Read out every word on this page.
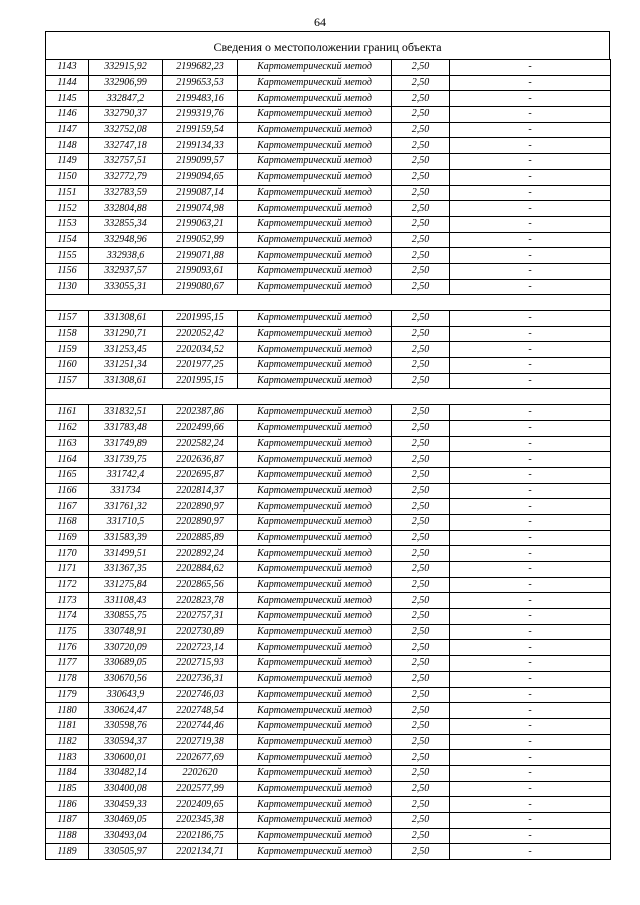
64
Сведения о местоположении границ объекта
1143	332915,92	2199682,23	Картометрический метод	2,50	-
1144	332906,99	2199653,53	Картометрический метод	2,50	-
1145	332847,2	2199483,16	Картометрический метод	2,50	-
1146	332790,37	2199319,76	Картометрический метод	2,50	-
1147	332752,08	2199159,54	Картометрический метод	2,50	-
1148	332747,18	2199134,33	Картометрический метод	2,50	-
1149	332757,51	2199099,57	Картометрический метод	2,50	-
1150	332772,79	2199094,65	Картометрический метод	2,50	-
1151	332783,59	2199087,14	Картометрический метод	2,50	-
1152	332804,88	2199074,98	Картометрический метод	2,50	-
1153	332855,34	2199063,21	Картометрический метод	2,50	-
1154	332948,96	2199052,99	Картометрический метод	2,50	-
1155	332938,6	2199071,88	Картометрический метод	2,50	-
1156	332937,57	2199093,61	Картометрический метод	2,50	-
1130	333055,31	2199080,67	Картометрический метод	2,50	-

1157	331308,61	2201995,15	Картометрический метод	2,50	-
1158	331290,71	2202052,42	Картометрический метод	2,50	-
1159	331253,45	2202034,52	Картометрический метод	2,50	-
1160	331251,34	2201977,25	Картометрический метод	2,50	-
1157	331308,61	2201995,15	Картометрический метод	2,50	-

1161	331832,51	2202387,86	Картометрический метод	2,50	-
1162	331783,48	2202499,66	Картометрический метод	2,50	-
1163	331749,89	2202582,24	Картометрический метод	2,50	-
1164	331739,75	2202636,87	Картометрический метод	2,50	-
1165	331742,4	2202695,87	Картометрический метод	2,50	-
1166	331734	2202814,37	Картометрический метод	2,50	-
1167	331761,32	2202890,97	Картометрический метод	2,50	-
1168	331710,5	2202890,97	Картометрический метод	2,50	-
1169	331583,39	2202885,89	Картометрический метод	2,50	-
1170	331499,51	2202892,24	Картометрический метод	2,50	-
1171	331367,35	2202884,62	Картометрический метод	2,50	-
1172	331275,84	2202865,56	Картометрический метод	2,50	-
1173	331108,43	2202823,78	Картометрический метод	2,50	-
1174	330855,75	2202757,31	Картометрический метод	2,50	-
1175	330748,91	2202730,89	Картометрический метод	2,50	-
1176	330720,09	2202723,14	Картометрический метод	2,50	-
1177	330689,05	2202715,93	Картометрический метод	2,50	-
1178	330670,56	2202736,31	Картометрический метод	2,50	-
1179	330643,9	2202746,03	Картометрический метод	2,50	-
1180	330624,47	2202748,54	Картометрический метод	2,50	-
1181	330598,76	2202744,46	Картометрический метод	2,50	-
1182	330594,37	2202719,38	Картометрический метод	2,50	-
1183	330600,01	2202677,69	Картометрический метод	2,50	-
1184	330482,14	2202620	Картометрический метод	2,50	-
1185	330400,08	2202577,99	Картометрический метод	2,50	-
1186	330459,33	2202409,65	Картометрический метод	2,50	-
1187	330469,05	2202345,38	Картометрический метод	2,50	-
1188	330493,04	2202186,75	Картометрический метод	2,50	-
1189	330505,97	2202134,71	Картометрический метод	2,50	-
